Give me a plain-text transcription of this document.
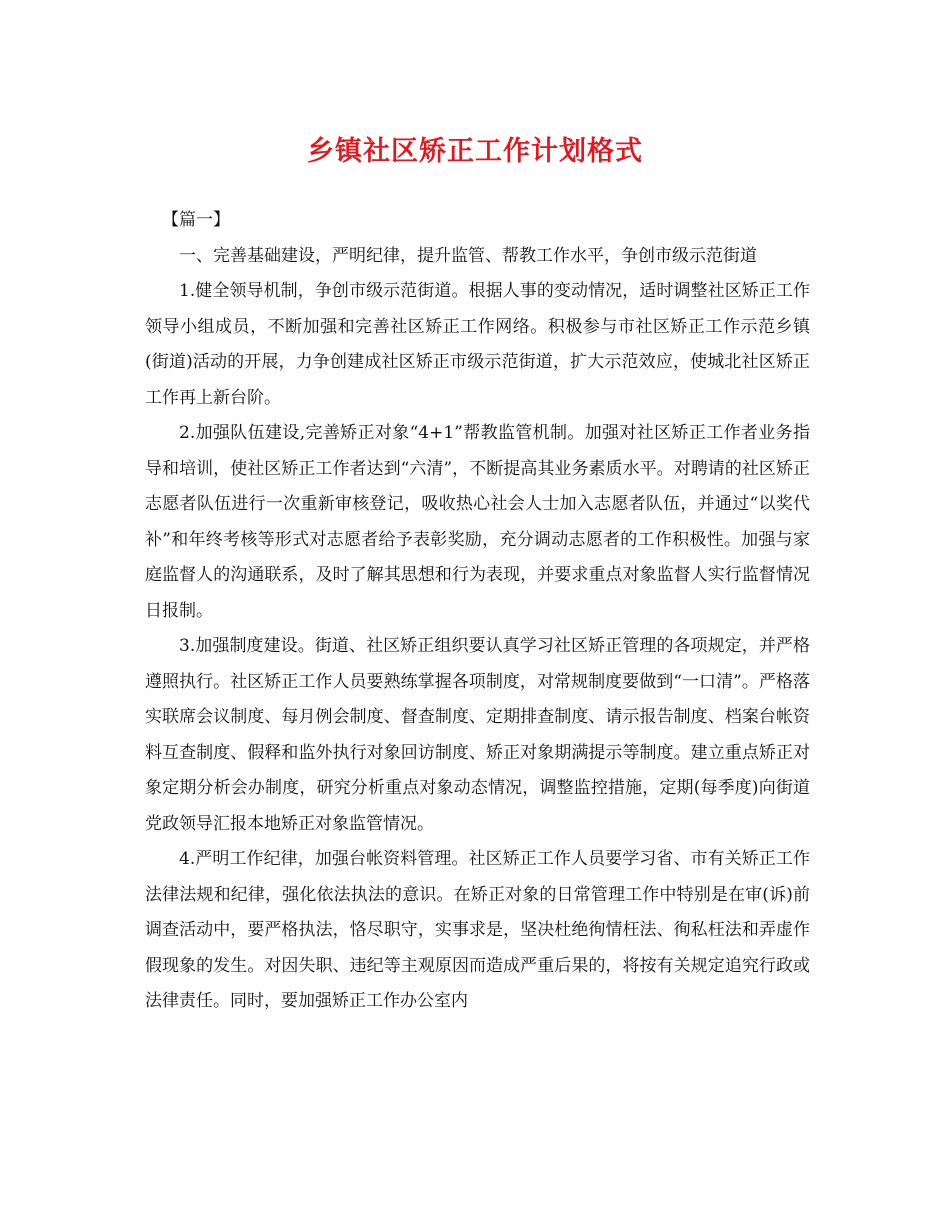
乡镇社区矫正工作计划格式

【篇一】

一、完善基础建设，严明纪律，提升监管、帮教工作水平，争创市级示范街道

1.健全领导机制，争创市级示范街道。根据人事的变动情况，适时调整社区矫正工作领导小组成员，不断加强和完善社区矫正工作网络。积极参与市社区矫正工作示范乡镇(街道)活动的开展，力争创建成社区矫正市级示范街道，扩大示范效应，使城北社区矫正工作再上新台阶。

2.加强队伍建设,完善矫正对象“4+1”帮教监管机制。加强对社区矫正工作者业务指导和培训，使社区矫正工作者达到“六清”，不断提高其业务素质水平。对聘请的社区矫正志愿者队伍进行一次重新审核登记，吸收热心社会人士加入志愿者队伍，并通过“以奖代补”和年终考核等形式对志愿者给予表彰奖励，充分调动志愿者的工作积极性。加强与家庭监督人的沟通联系，及时了解其思想和行为表现，并要求重点对象监督人实行监督情况日报制。

3.加强制度建设。街道、社区矫正组织要认真学习社区矫正管理的各项规定，并严格遵照执行。社区矫正工作人员要熟练掌握各项制度，对常规制度要做到“一口清”。严格落实联席会议制度、每月例会制度、督查制度、定期排查制度、请示报告制度、档案台帐资料互查制度、假释和监外执行对象回访制度、矫正对象期满提示等制度。建立重点矫正对象定期分析会办制度，研究分析重点对象动态情况，调整监控措施，定期(每季度)向街道党政领导汇报本地矫正对象监管情况。

4.严明工作纪律，加强台帐资料管理。社区矫正工作人员要学习省、市有关矫正工作法律法规和纪律，强化依法执法的意识。在矫正对象的日常管理工作中特别是在审(诉)前调查活动中，要严格执法，恪尽职守，实事求是，坚决杜绝徇情枉法、徇私枉法和弄虚作假现象的发生。对因失职、违纪等主观原因而造成严重后果的，将按有关规定追究行政或法律责任。同时，要加强矫正工作办公室内
